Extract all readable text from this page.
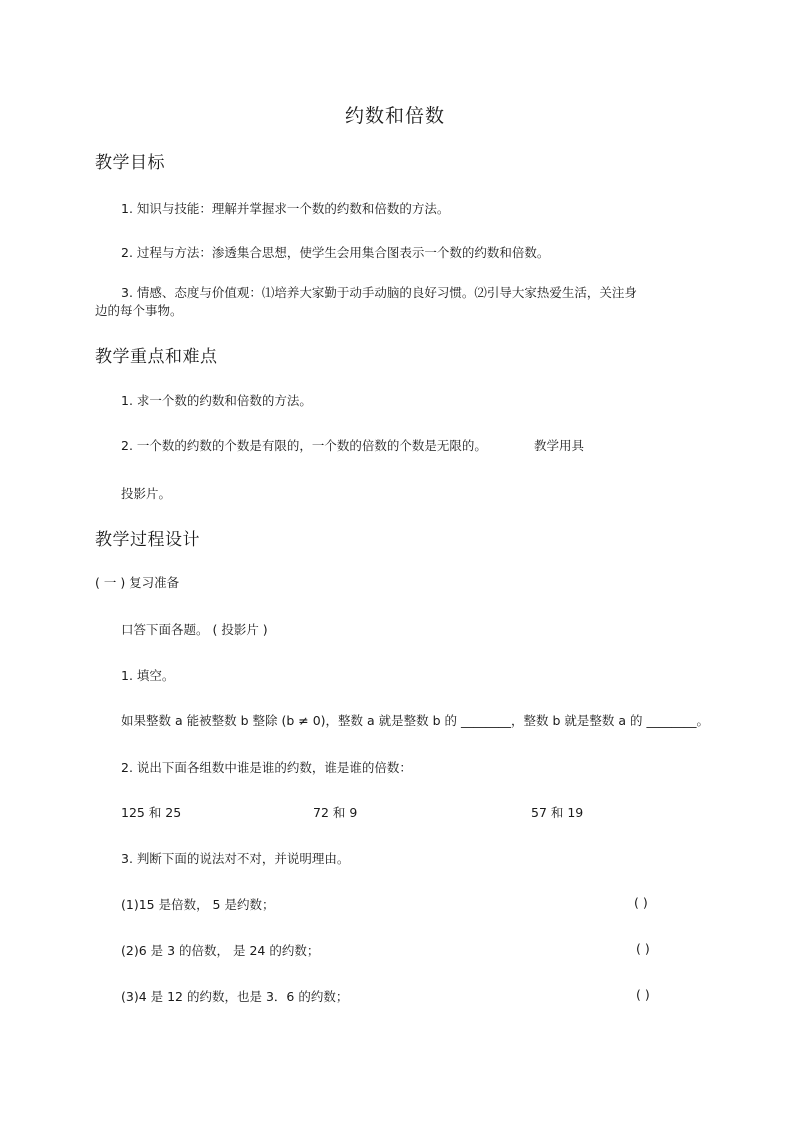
约数和倍数
教学目标
1. 知识与技能：理解并掌握求一个数的约数和倍数的方法。
2. 过程与方法：渗透集合思想，使学生会用集合图表示一个数的约数和倍数。
3. 情感、态度与价值观：⑴培养大家勤于动手动脑的良好习惯。⑵引导大家热爱生活，关注身
边的每个事物。
教学重点和难点
1. 求一个数的约数和倍数的方法。
2. 一个数的约数的个数是有限的，一个数的倍数的个数是无限的。	教学用具
投影片。
教学过程设计
( 一 ) 复习准备
口答下面各题。 ( 投影片 )
1. 填空。
如果整数 a 能被整数 b 整除 (b ≠ 0)，整数 a 就是整数 b 的 ________，整数 b 就是整数 a 的 ________。
2. 说出下面各组数中谁是谁的约数，谁是谁的倍数：
125 和 25	72 和 9	57 和 19
3. 判断下面的说法对不对，并说明理由。
(1)15 是倍数， 5 是约数；	( )
(2)6 是 3 的倍数， 是 24 的约数；	( )
(3)4 是 12 的约数，也是 3．6 的约数；	( )
